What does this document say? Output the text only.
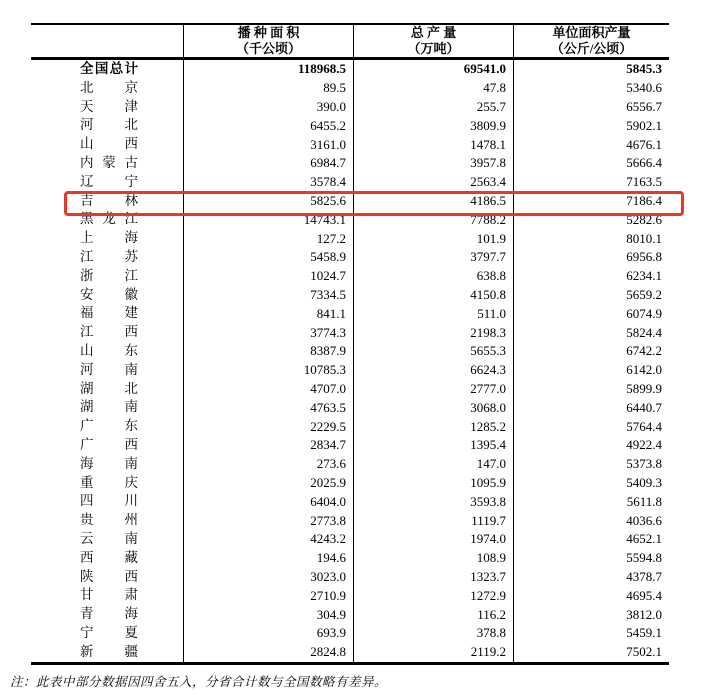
播 种 面 积
（千公顷）
总 产 量
（万吨）
单位面积产量
（公斤/公顷）
全 国 总 计	118968.5	69541.0	5845.3
北 京	89.5	47.8	5340.6
天 津	390.0	255.7	6556.7
河 北	6455.2	3809.9	5902.1
山 西	3161.0	1478.1	4676.1
内 蒙 古	6984.7	3957.8	5666.4
辽 宁	3578.4	2563.4	7163.5
吉 林	5825.6	4186.5	7186.4
黑 龙 江	14743.1	7788.2	5282.6
上 海	127.2	101.9	8010.1
江 苏	5458.9	3797.7	6956.8
浙 江	1024.7	638.8	6234.1
安 徽	7334.5	4150.8	5659.2
福 建	841.1	511.0	6074.9
江 西	3774.3	2198.3	5824.4
山 东	8387.9	5655.3	6742.2
河 南	10785.3	6624.3	6142.0
湖 北	4707.0	2777.0	5899.9
湖 南	4763.5	3068.0	6440.7
广 东	2229.5	1285.2	5764.4
广 西	2834.7	1395.4	4922.4
海 南	273.6	147.0	5373.8
重 庆	2025.9	1095.9	5409.3
四 川	6404.0	3593.8	5611.8
贵 州	2773.8	1119.7	4036.6
云 南	4243.2	1974.0	4652.1
西 藏	194.6	108.9	5594.8
陕 西	3023.0	1323.7	4378.7
甘 肃	2710.9	1272.9	4695.4
青 海	304.9	116.2	3812.0
宁 夏	693.9	378.8	5459.1
新 疆	2824.8	2119.2	7502.1
注：此表中部分数据因四舍五入，分省合计数与全国数略有差异。
